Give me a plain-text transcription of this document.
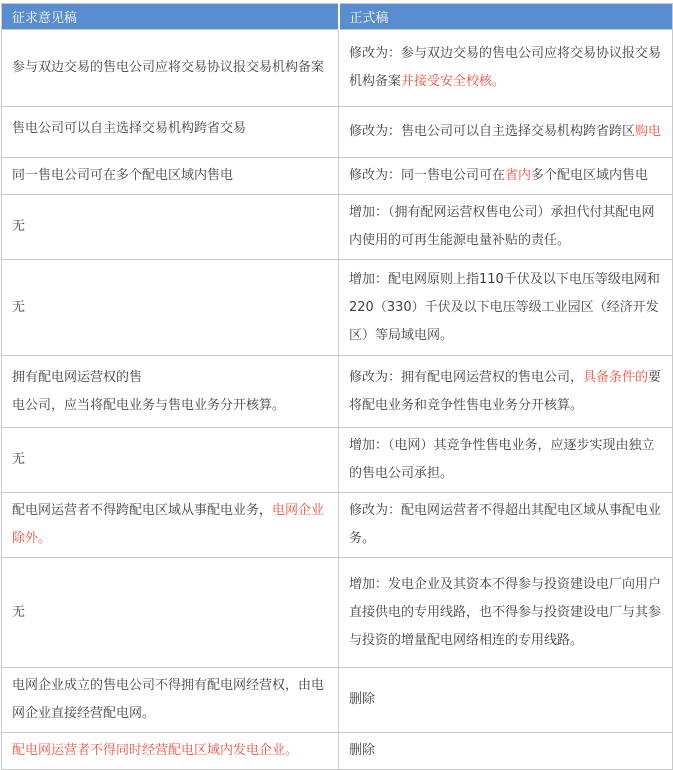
征求意见稿	正式稿
参与双边交易的售电公司应将交易协议报交易机构备案	修改为：参与双边交易的售电公司应将交易协议报交易机构备案并接受安全校核。
售电公司可以自主选择交易机构跨省交易	修改为：售电公司可以自主选择交易机构跨省跨区购电
同一售电公司可在多个配电区域内售电	修改为：同一售电公司可在省内多个配电区域内售电
无	增加：（拥有配网运营权售电公司）承担代付其配电网内使用的可再生能源电量补贴的责任。
无	增加：配电网原则上指110千伏及以下电压等级电网和220（330）千伏及以下电压等级工业园区（经济开发区）等局域电网。
拥有配电网运营权的售
电公司，应当将配电业务与售电业务分开核算。	修改为：拥有配电网运营权的售电公司，具备条件的要将配电业务和竞争性售电业务分开核算。
无	增加：（电网）其竞争性售电业务，应逐步实现由独立的售电公司承担。
配电网运营者不得跨配电区域从事配电业务，电网企业除外。	修改为：配电网运营者不得超出其配电区域从事配电业务。
无	增加：发电企业及其资本不得参与投资建设电厂向用户直接供电的专用线路，也不得参与投资建设电厂与其参与投资的增量配电网络相连的专用线路。
电网企业成立的售电公司不得拥有配电网经营权，由电网企业直接经营配电网。	删除
配电网运营者不得同时经营配电区域内发电企业。	删除
